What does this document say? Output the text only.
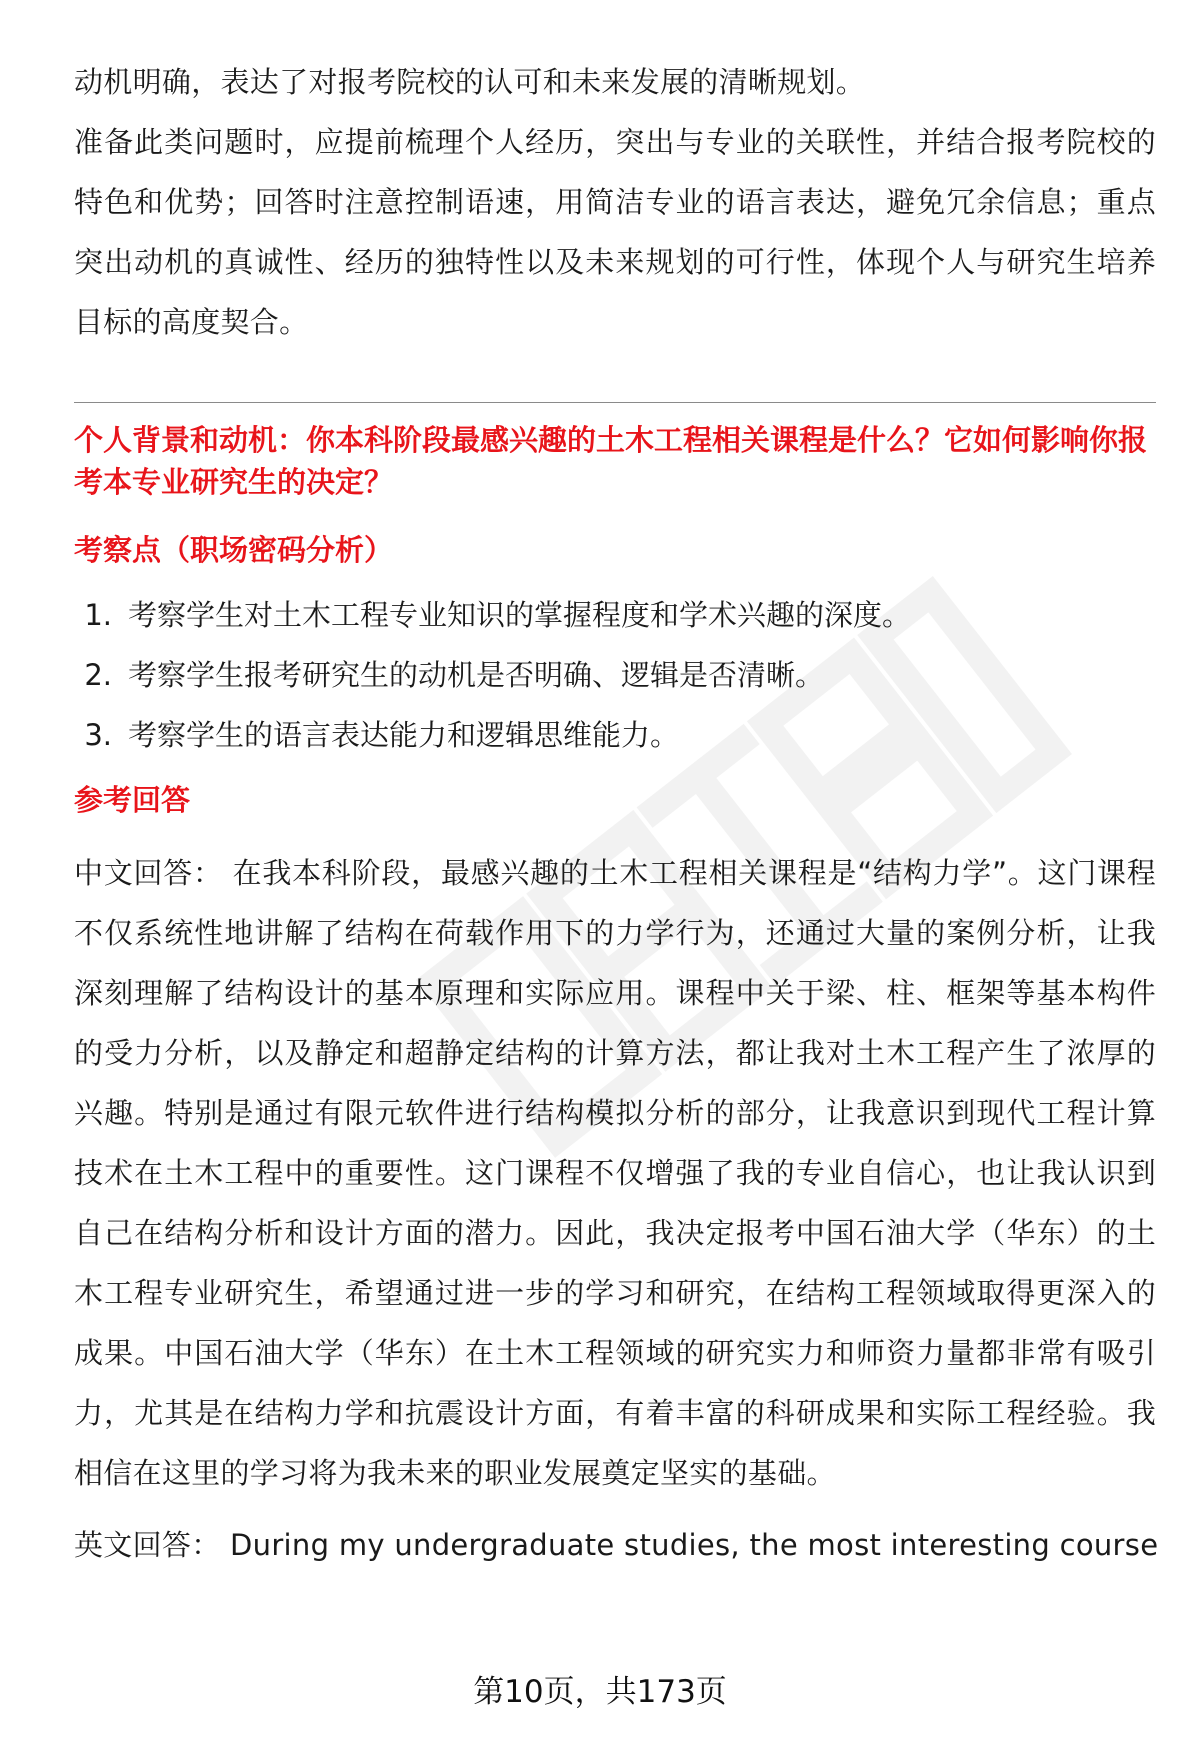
动机明确，表达了对报考院校的认可和未来发展的清晰规划。

准备此类问题时，应提前梳理个人经历，突出与专业的关联性，并结合报考院校的特色和优势；回答时注意控制语速，用简洁专业的语言表达，避免冗余信息；重点突出动机的真诚性、经历的独特性以及未来规划的可行性，体现个人与研究生培养目标的高度契合。

个人背景和动机：你本科阶段最感兴趣的土木工程相关课程是什么？它如何影响你报考本专业研究生的决定？
考察点（职场密码分析）
1. 考察学生对土木工程专业知识的掌握程度和学术兴趣的深度。
2. 考察学生报考研究生的动机是否明确、逻辑是否清晰。
3. 考察学生的语言表达能力和逻辑思维能力。
参考回答

中文回答： 在我本科阶段，最感兴趣的土木工程相关课程是“结构力学”。这门课程不仅系统性地讲解了结构在荷载作用下的力学行为，还通过大量的案例分析，让我深刻理解了结构设计的基本原理和实际应用。课程中关于梁、柱、框架等基本构件的受力分析，以及静定和超静定结构的计算方法，都让我对土木工程产生了浓厚的兴趣。特别是通过有限元软件进行结构模拟分析的部分，让我意识到现代工程计算技术在土木工程中的重要性。这门课程不仅增强了我的专业自信心，也让我认识到自己在结构分析和设计方面的潜力。因此，我决定报考中国石油大学（华东）的土木工程专业研究生，希望通过进一步的学习和研究，在结构工程领域取得更深入的成果。中国石油大学（华东）在土木工程领域的研究实力和师资力量都非常有吸引力，尤其是在结构力学和抗震设计方面，有着丰富的科研成果和实际工程经验。我相信在这里的学习将为我未来的职业发展奠定坚实的基础。

英文回答： During my undergraduate studies, the most interesting course

第10页，共173页
